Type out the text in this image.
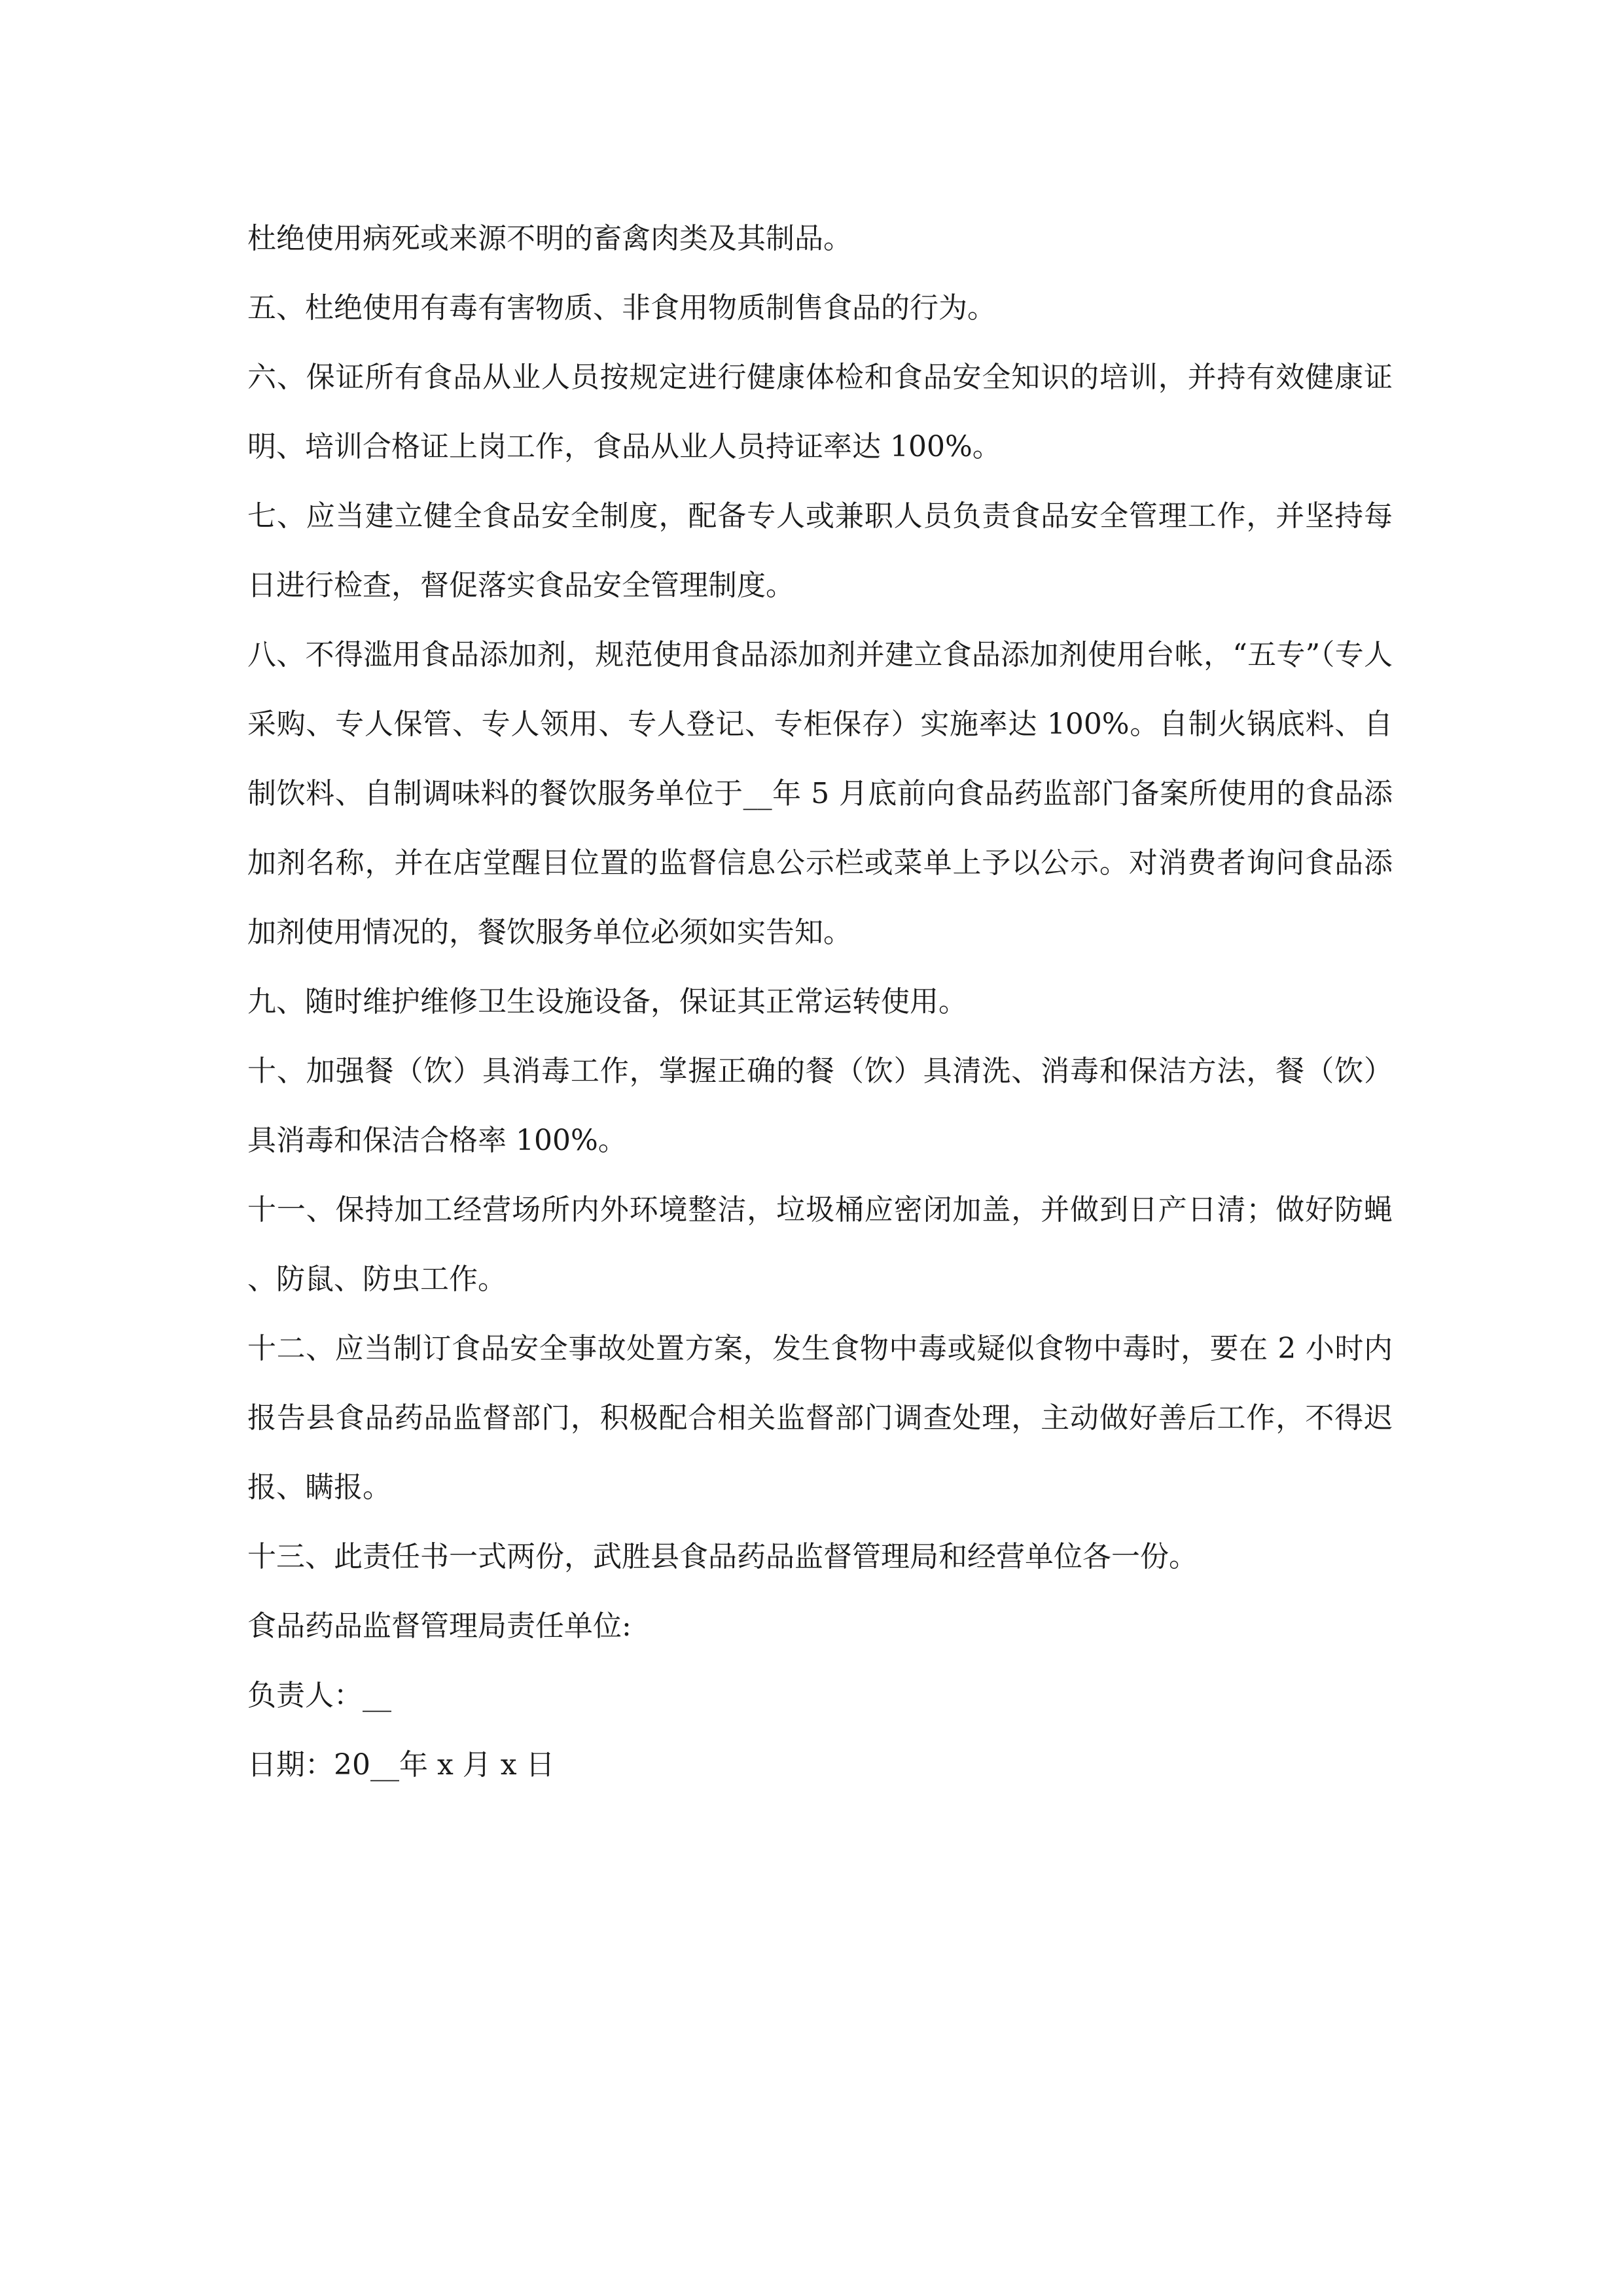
杜绝使用病死或来源不明的畜禽肉类及其制品。

五、杜绝使用有毒有害物质、非食用物质制售食品的行为。

六、保证所有食品从业人员按规定进行健康体检和食品安全知识的培训，并持有效健康证明、培训合格证上岗工作，食品从业人员持证率达 100%。

七、应当建立健全食品安全制度，配备专人或兼职人员负责食品安全管理工作，并坚持每日进行检查，督促落实食品安全管理制度。

八、不得滥用食品添加剂，规范使用食品添加剂并建立食品添加剂使用台帐，“五专”（专人采购、专人保管、专人领用、专人登记、专柜保存）实施率达 100%。自制火锅底料、自制饮料、自制调味料的餐饮服务单位于__年 5 月底前向食品药监部门备案所使用的食品添加剂名称，并在店堂醒目位置的监督信息公示栏或菜单上予以公示。对消费者询问食品添加剂使用情况的，餐饮服务单位必须如实告知。

九、随时维护维修卫生设施设备，保证其正常运转使用。

十、加强餐（饮）具消毒工作，掌握正确的餐（饮）具清洗、消毒和保洁方法，餐（饮）具消毒和保洁合格率 100%。

十一、保持加工经营场所内外环境整洁，垃圾桶应密闭加盖，并做到日产日清；做好防蝇、防鼠、防虫工作。

十二、应当制订食品安全事故处置方案，发生食物中毒或疑似食物中毒时，要在 2 小时内报告县食品药品监督部门，积极配合相关监督部门调查处理，主动做好善后工作，不得迟报、瞒报。

十三、此责任书一式两份，武胜县食品药品监督管理局和经营单位各一份。

食品药品监督管理局责任单位:

负责人：__

日期：20__年 x 月 x 日
